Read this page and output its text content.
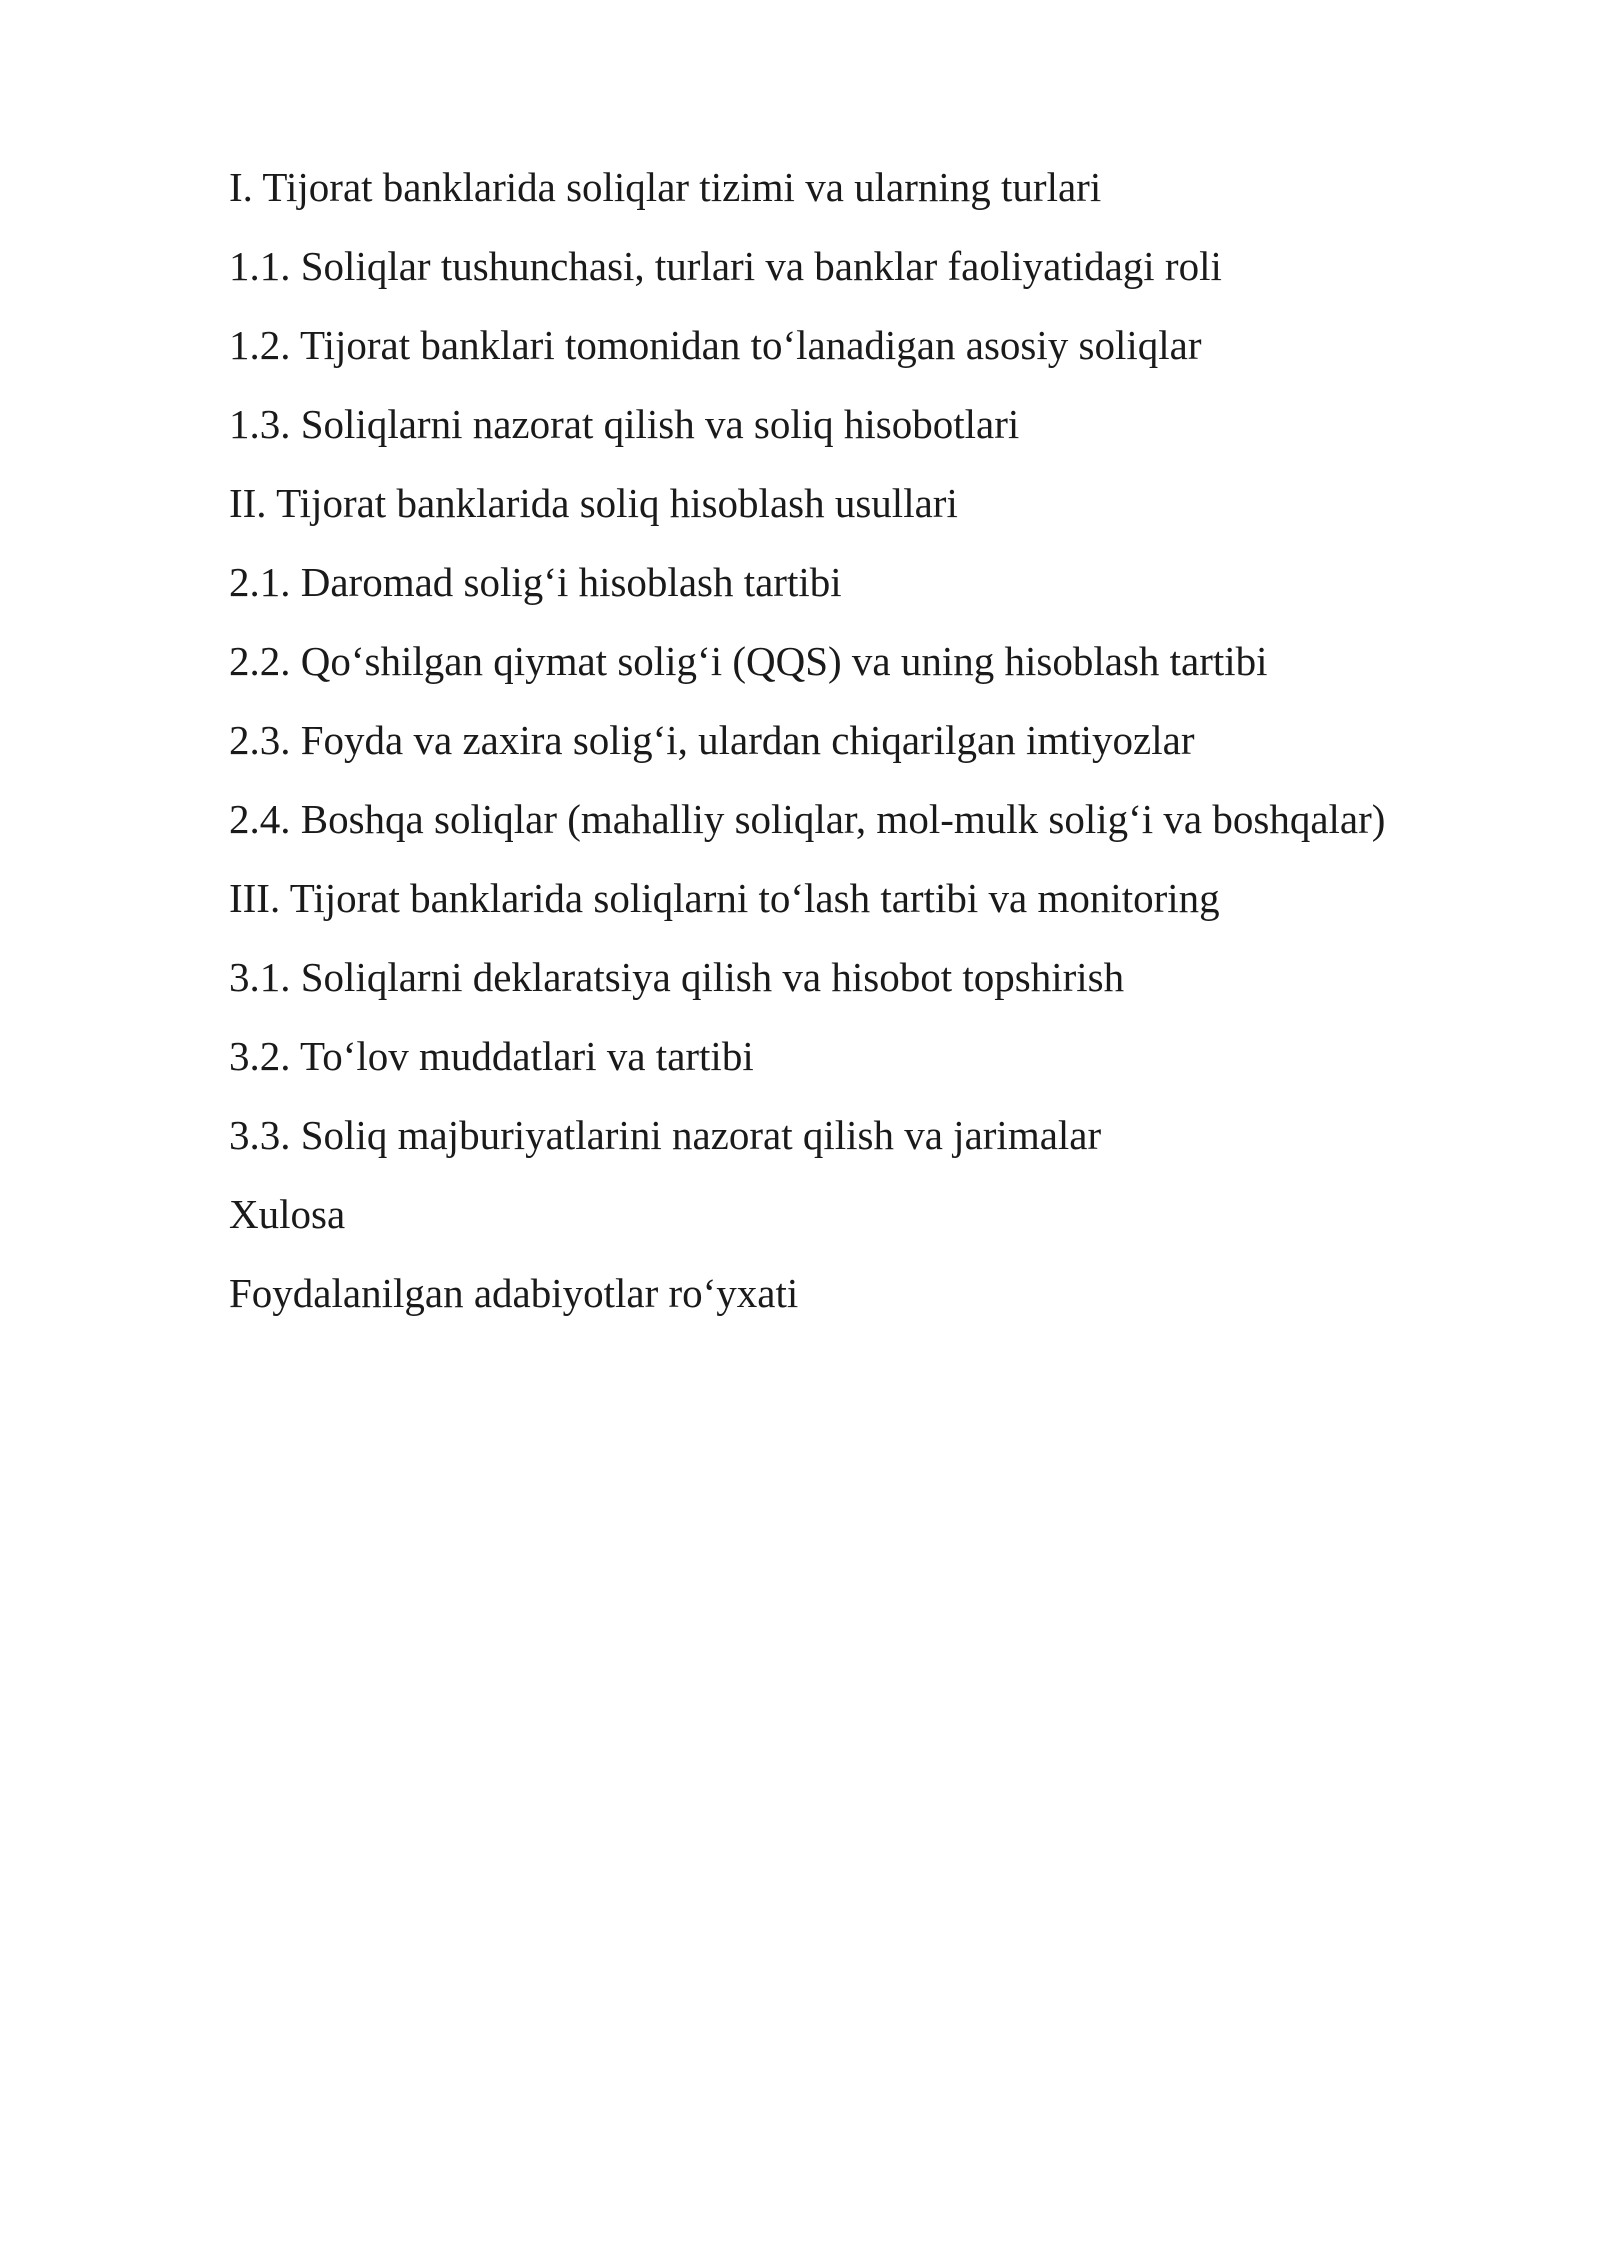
I. Tijorat banklarida soliqlar tizimi va ularning turlari
1.1. Soliqlar tushunchasi, turlari va banklar faoliyatidagi roli
1.2. Tijorat banklari tomonidan to‘lanadigan asosiy soliqlar
1.3. Soliqlarni nazorat qilish va soliq hisobotlari
II. Tijorat banklarida soliq hisoblash usullari
2.1. Daromad solig‘i hisoblash tartibi
2.2. Qo‘shilgan qiymat solig‘i (QQS) va uning hisoblash tartibi
2.3. Foyda va zaxira solig‘i, ulardan chiqarilgan imtiyozlar
2.4. Boshqa soliqlar (mahalliy soliqlar, mol-mulk solig‘i va boshqalar)
III. Tijorat banklarida soliqlarni to‘lash tartibi va monitoring
3.1. Soliqlarni deklaratsiya qilish va hisobot topshirish
3.2. To‘lov muddatlari va tartibi
3.3. Soliq majburiyatlarini nazorat qilish va jarimalar
Xulosa
Foydalanilgan adabiyotlar ro‘yxati
